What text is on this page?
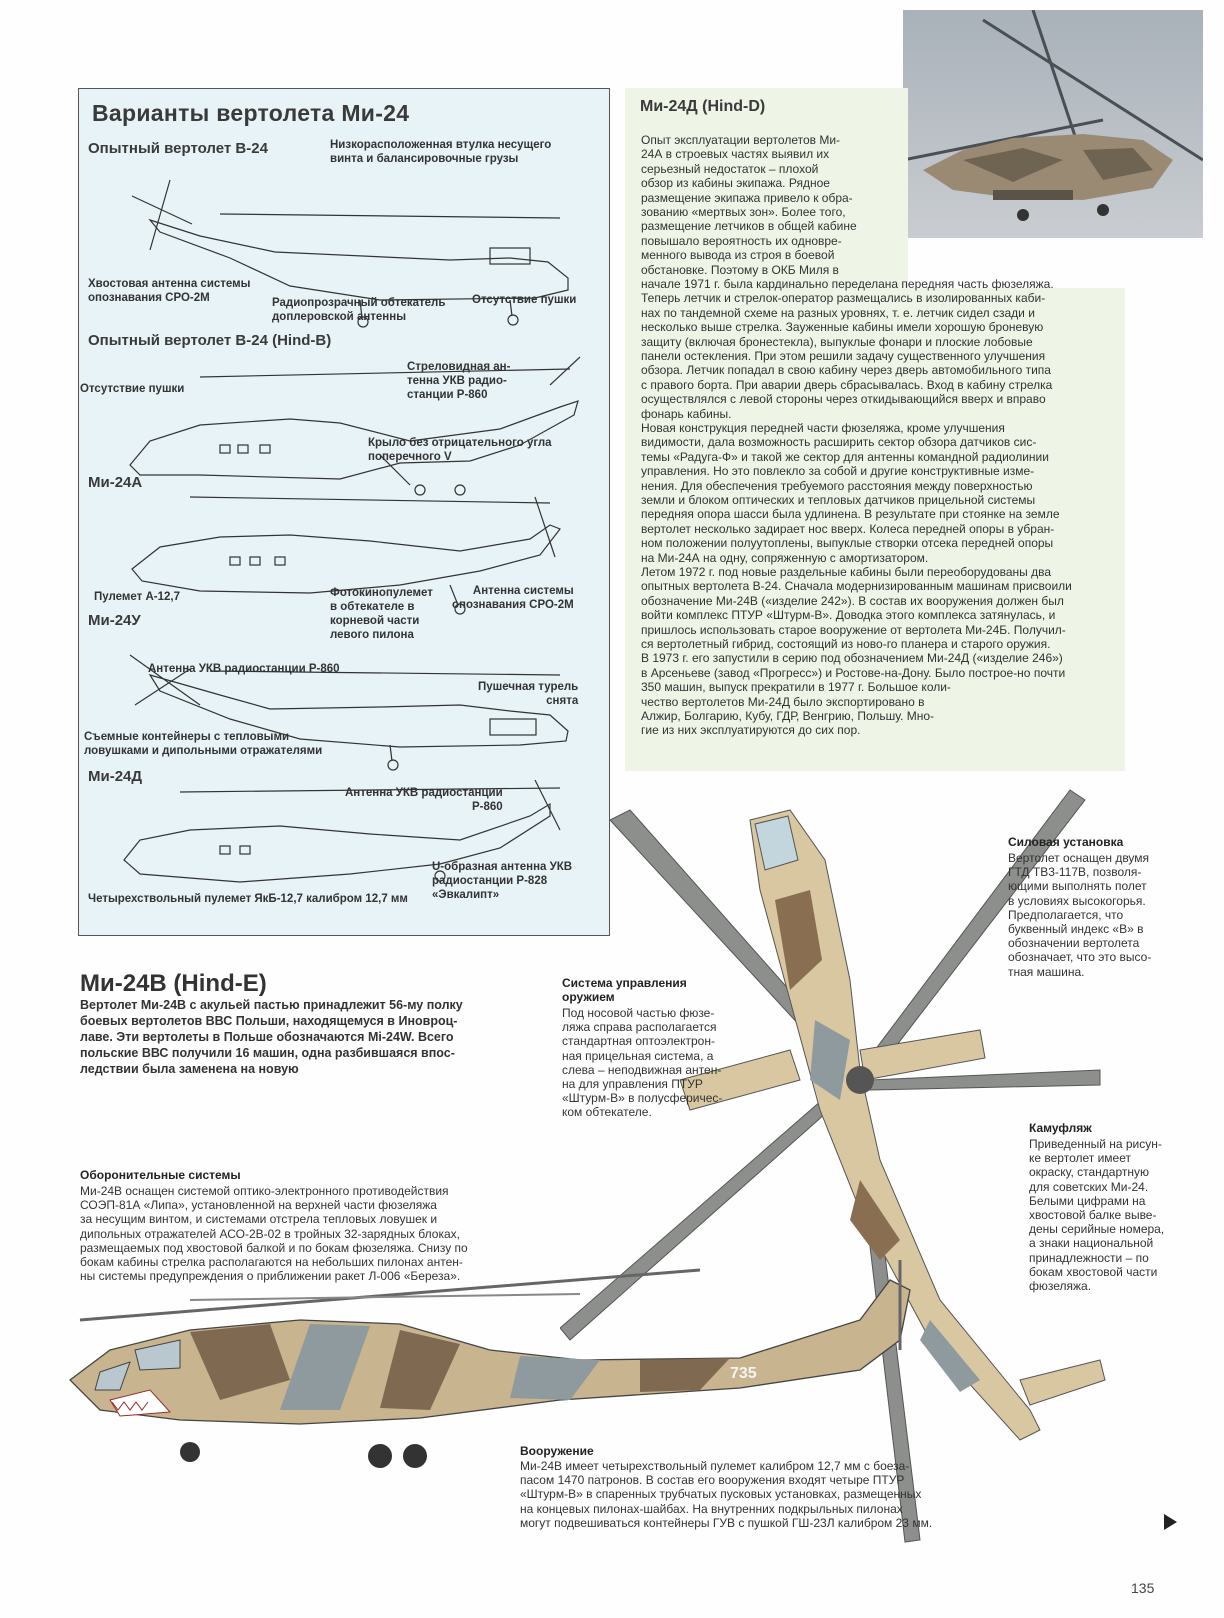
Варианты вертолета Ми-24
Опытный вертолет В-24	Низкорасположенная втулка несущего
винта и балансировочные грузы
Хвостовая антенна системы
опознавания СРО-2М	Радиопрозрачный обтекатель
доплеровской антенны
Отсутствие пушки
Опытный вертолет В-24 (Hind-B)
Отсутствие пушки
Стреловидная ан-
тенна УКВ радио-
станции Р-860
Крыло без отрицательного угла
поперечного V
Ми-24А
Пулемет А-12,7	Фотокинопулемет
в обтекателе в
корневой части
левого пилона
Антенна системы
опознавания СРО-2М
Ми-24У
Антенна УКВ радиостанции Р-860
Пушечная турель
снята
Съемные контейнеры с тепловыми
ловушками и дипольными отражателями
Ми-24Д
Антенна УКВ радиостанции
Р-860
U-образная антенна УКВ
радиостанции Р-828
«Эвкалипт»
Четырехствольный пулемет ЯкБ-12,7 калибром 12,7 мм
Ми-24Д (Hind-D)
Опыт эксплуатации вертолетов Ми-
24А в строевых частях выявил их
серьезный недостаток – плохой
обзор из кабины экипажа. Рядное
размещение экипажа привело к обра-
зованию «мертвых зон». Более того,
размещение летчиков в общей кабине
повышало вероятность их одновре-
менного вывода из строя в боевой
обстановке. Поэтому в ОКБ Миля в
начале 1971 г. была кардинально переделана передняя часть фюзеляжа.
Теперь летчик и стрелок-оператор размещались в изолированных каби-
нах по тандемной схеме на разных уровнях, т. е. летчик сидел сзади и
несколько выше стрелка. Зауженные кабины имели хорошую броневую
защиту (включая бронестекла), выпуклые фонари и плоские лобовые
панели остекления. При этом решили задачу существенного улучшения
обзора. Летчик попадал в свою кабину через дверь автомобильного типа
с правого борта. При аварии дверь сбрасывалась. Вход в кабину стрелка
осуществлялся с левой стороны через откидывающийся вверх и вправо
фонарь кабины.
Новая конструкция передней части фюзеляжа, кроме улучшения
видимости, дала возможность расширить сектор обзора датчиков сис-
темы «Радуга-Ф» и такой же сектор для антенны командной радиолинии
управления. Но это повлекло за собой и другие конструктивные изме-
нения. Для обеспечения требуемого расстояния между поверхностью
земли и блоком оптических и тепловых датчиков прицельной системы
передняя опора шасси была удлинена. В результате при стоянке на земле
вертолет несколько задирает нос вверх. Колеса передней опоры в убран-
ном положении полуутоплены, выпуклые створки отсека передней опоры
на Ми-24А на одну, сопряженную с амортизатором.
Летом 1972 г. под новые раздельные кабины были переоборудованы два
опытных вертолета В-24. Сначала модернизированным машинам присвоили
обозначение Ми-24В («изделие 242»). В состав их вооружения должен был
войти комплекс ПТУР «Штурм-В». Доводка этого комплекса затянулась, и
пришлось использовать старое вооружение от вертолета Ми-24Б. Получил-
ся вертолетный гибрид, состоящий из ново-го планера и старого оружия.
В 1973 г. его запустили в серию под обозначением Ми-24Д («изделие 246»)
в Арсеньеве (завод «Прогресс») и Ростове-на-Дону. Было построе-но почти
350 машин, выпуск прекратили в 1977 г. Большое коли-
чество вертолетов Ми-24Д было экспортировано в
Алжир, Болгарию, Кубу, ГДР, Венгрию, Польшу. Мно-
гие из них эксплуатируются до сих пор.
Ми-24В (Hind-E)
Вертолет Ми-24В с акульей пастью принадлежит 56-му полку
боевых вертолетов ВВС Польши, находящемуся в Иновроц-
лаве. Эти вертолеты в Польше обозначаются Mi-24W. Всего
польские ВВС получили 16 машин, одна разбившаяся впос-
ледствии была заменена на новую
735
Силовая установка
Вертолет оснащен двумя
ГТД ТВ3-117В, позволя-
ющими выполнять полет
в условиях высокогорья.
Предполагается, что
буквенный индекс «В» в
обозначении вертолета
обозначает, что это высо-
тная машина.
Система управления
оружием
Под носовой частью фюзе-
ляжа справа располагается
стандартная оптоэлектрон-
ная прицельная система, а
слева – неподвижная антен-
на для управления ПТУР
«Штурм-В» в полусферичес-
ком обтекателе.
Камуфляж
Приведенный на рисун-
ке вертолет имеет
окраску, стандартную
для советских Ми-24.
Белыми цифрами на
хвостовой балке выве-
дены серийные номера,
а знаки национальной
принадлежности – по
бокам хвостовой части
фюзеляжа.
Оборонительные системы
Ми-24В оснащен системой оптико-электронного противодействия
СОЭП-81А «Липа», установленной на верхней части фюзеляжа
за несущим винтом, и системами отстрела тепловых ловушек и
дипольных отражателей АСО-2В-02 в тройных 32-зарядных блоках,
размещаемых под хвостовой балкой и по бокам фюзеляжа. Снизу по
бокам кабины стрелка располагаются на небольших пилонах антен-
ны системы предупреждения о приближении ракет Л-006 «Береза».
Вооружение
Ми-24В имеет четырехствольный пулемет калибром 12,7 мм с боеза-
пасом 1470 патронов. В состав его вооружения входят четыре ПТУР
«Штурм-В» в спаренных трубчатых пусковых установках, размещенных
на концевых пилонах-шайбах. На внутренних подкрыльных пилонах
могут подвешиваться контейнеры ГУВ с пушкой ГШ-23Л калибром 23 мм.
135
